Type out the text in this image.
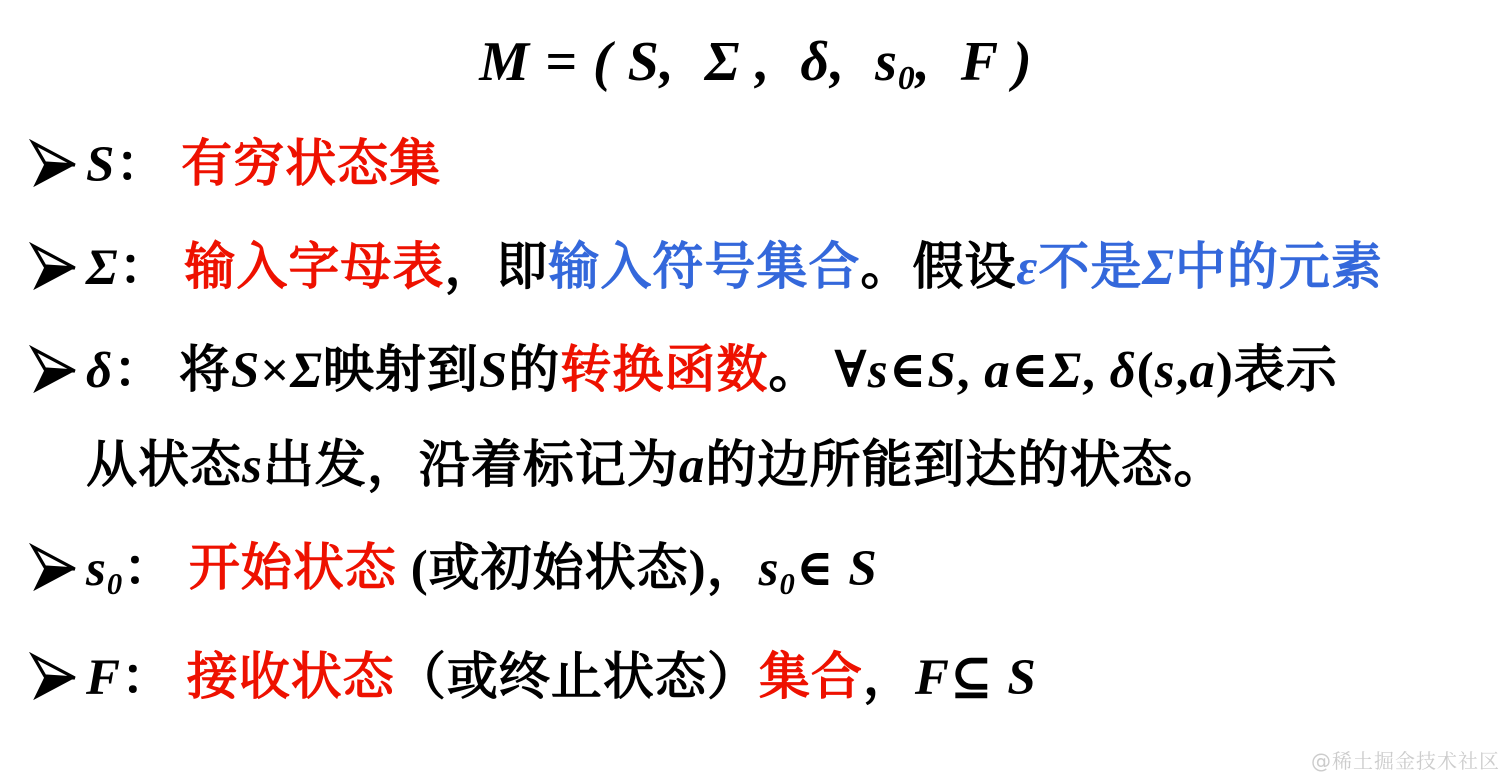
M = ( S,  Σ ,  δ,  s0,  F )
S： 有穷状态集
Σ： 输入字母表，即输入符号集合。假设ε不是Σ中的元素
δ： 将S×Σ映射到S的转换函数。 ∀s∈S, a∈Σ, δ(s,a)表示
从状态s出发，沿着标记为a的边所能到达的状态。
s0： 开始状态 (或初始状态)，s0∈ S
F： 接收状态（或终止状态）集合，F⊆ S
@稀土掘金技术社区
